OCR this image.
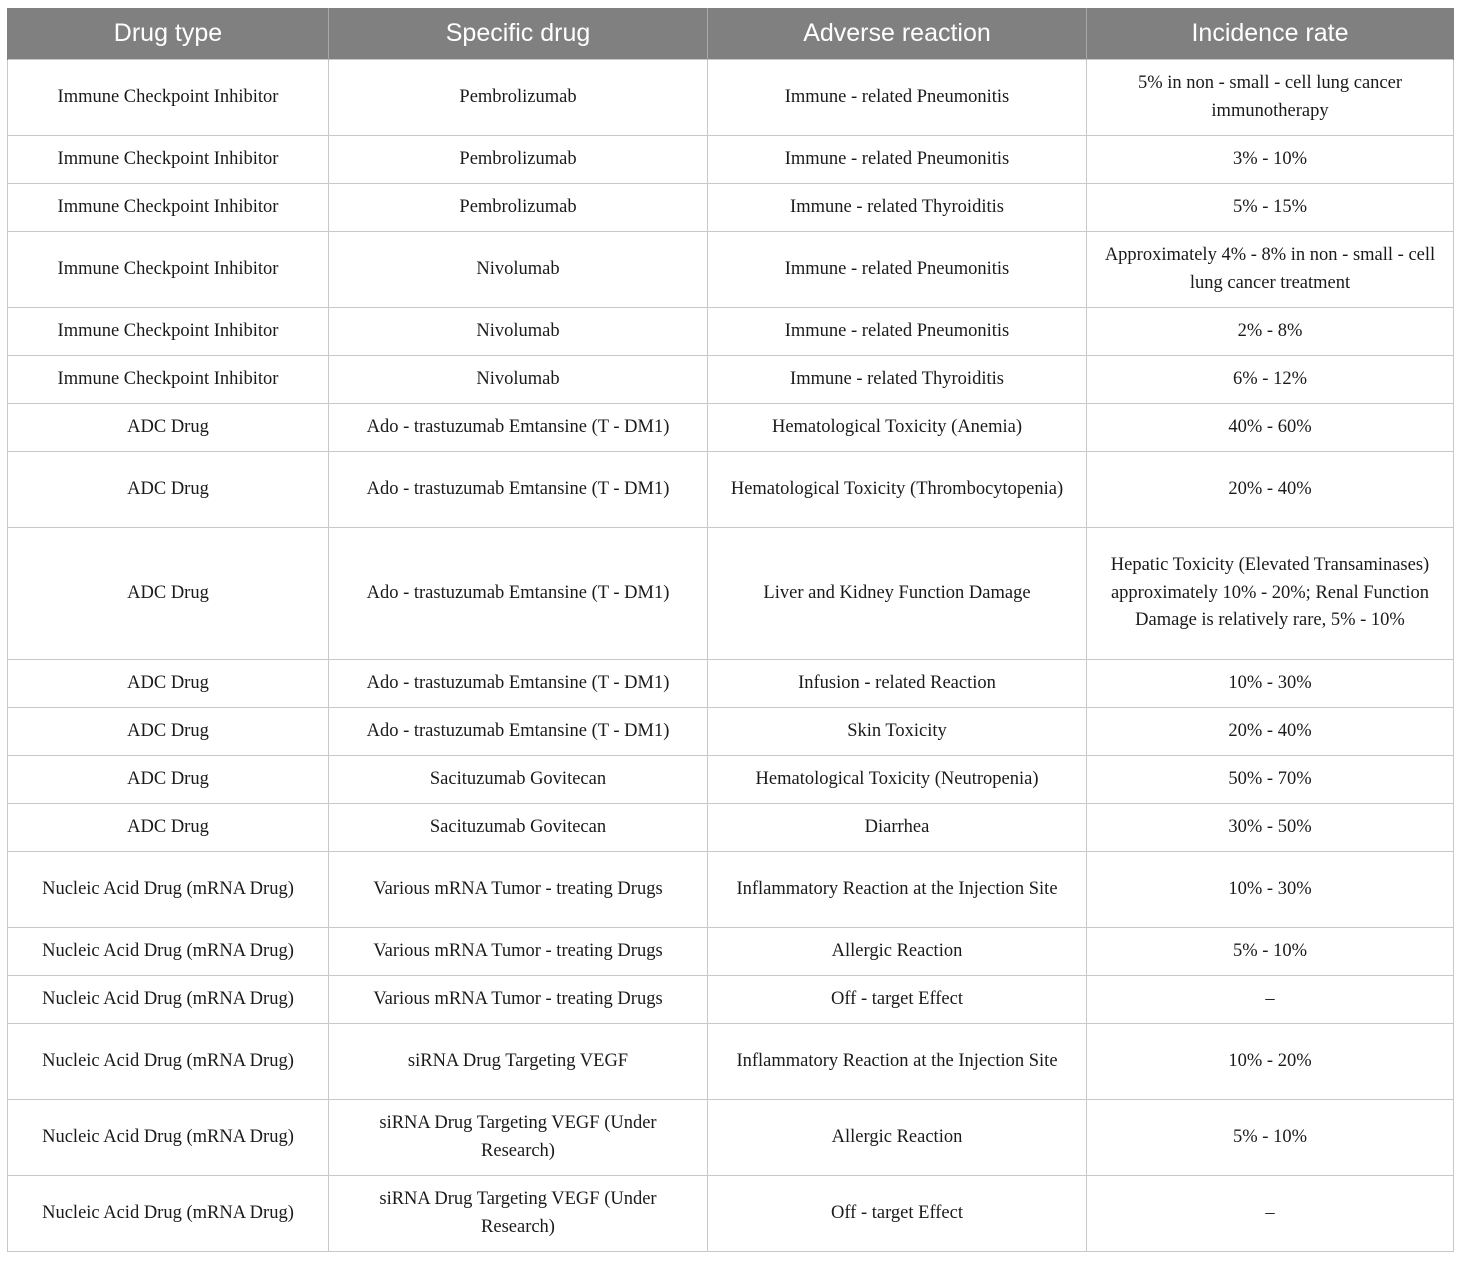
Drug type	Specific drug	Adverse reaction	Incidence rate
Immune Checkpoint Inhibitor	Pembrolizumab	Immune - related Pneumonitis	5% in non - small - cell lung cancer immunotherapy
Immune Checkpoint Inhibitor	Pembrolizumab	Immune - related Pneumonitis	3% - 10%
Immune Checkpoint Inhibitor	Pembrolizumab	Immune - related Thyroiditis	5% - 15%
Immune Checkpoint Inhibitor	Nivolumab	Immune - related Pneumonitis	Approximately 4% - 8% in non - small - cell lung cancer treatment
Immune Checkpoint Inhibitor	Nivolumab	Immune - related Pneumonitis	2% - 8%
Immune Checkpoint Inhibitor	Nivolumab	Immune - related Thyroiditis	6% - 12%
ADC Drug	Ado - trastuzumab Emtansine (T - DM1)	Hematological Toxicity (Anemia)	40% - 60%
ADC Drug	Ado - trastuzumab Emtansine (T - DM1)	Hematological Toxicity (Thrombocytopenia)	20% - 40%
ADC Drug	Ado - trastuzumab Emtansine (T - DM1)	Liver and Kidney Function Damage	Hepatic Toxicity (Elevated Transaminases) approximately 10% - 20%; Renal Function Damage is relatively rare, 5% - 10%
ADC Drug	Ado - trastuzumab Emtansine (T - DM1)	Infusion - related Reaction	10% - 30%
ADC Drug	Ado - trastuzumab Emtansine (T - DM1)	Skin Toxicity	20% - 40%
ADC Drug	Sacituzumab Govitecan	Hematological Toxicity (Neutropenia)	50% - 70%
ADC Drug	Sacituzumab Govitecan	Diarrhea	30% - 50%
Nucleic Acid Drug (mRNA Drug)	Various mRNA Tumor - treating Drugs	Inflammatory Reaction at the Injection Site	10% - 30%
Nucleic Acid Drug (mRNA Drug)	Various mRNA Tumor - treating Drugs	Allergic Reaction	5% - 10%
Nucleic Acid Drug (mRNA Drug)	Various mRNA Tumor - treating Drugs	Off - target Effect	–
Nucleic Acid Drug (mRNA Drug)	siRNA Drug Targeting VEGF	Inflammatory Reaction at the Injection Site	10% - 20%
Nucleic Acid Drug (mRNA Drug)	siRNA Drug Targeting VEGF (Under Research)	Allergic Reaction	5% - 10%
Nucleic Acid Drug (mRNA Drug)	siRNA Drug Targeting VEGF (Under Research)	Off - target Effect	–
